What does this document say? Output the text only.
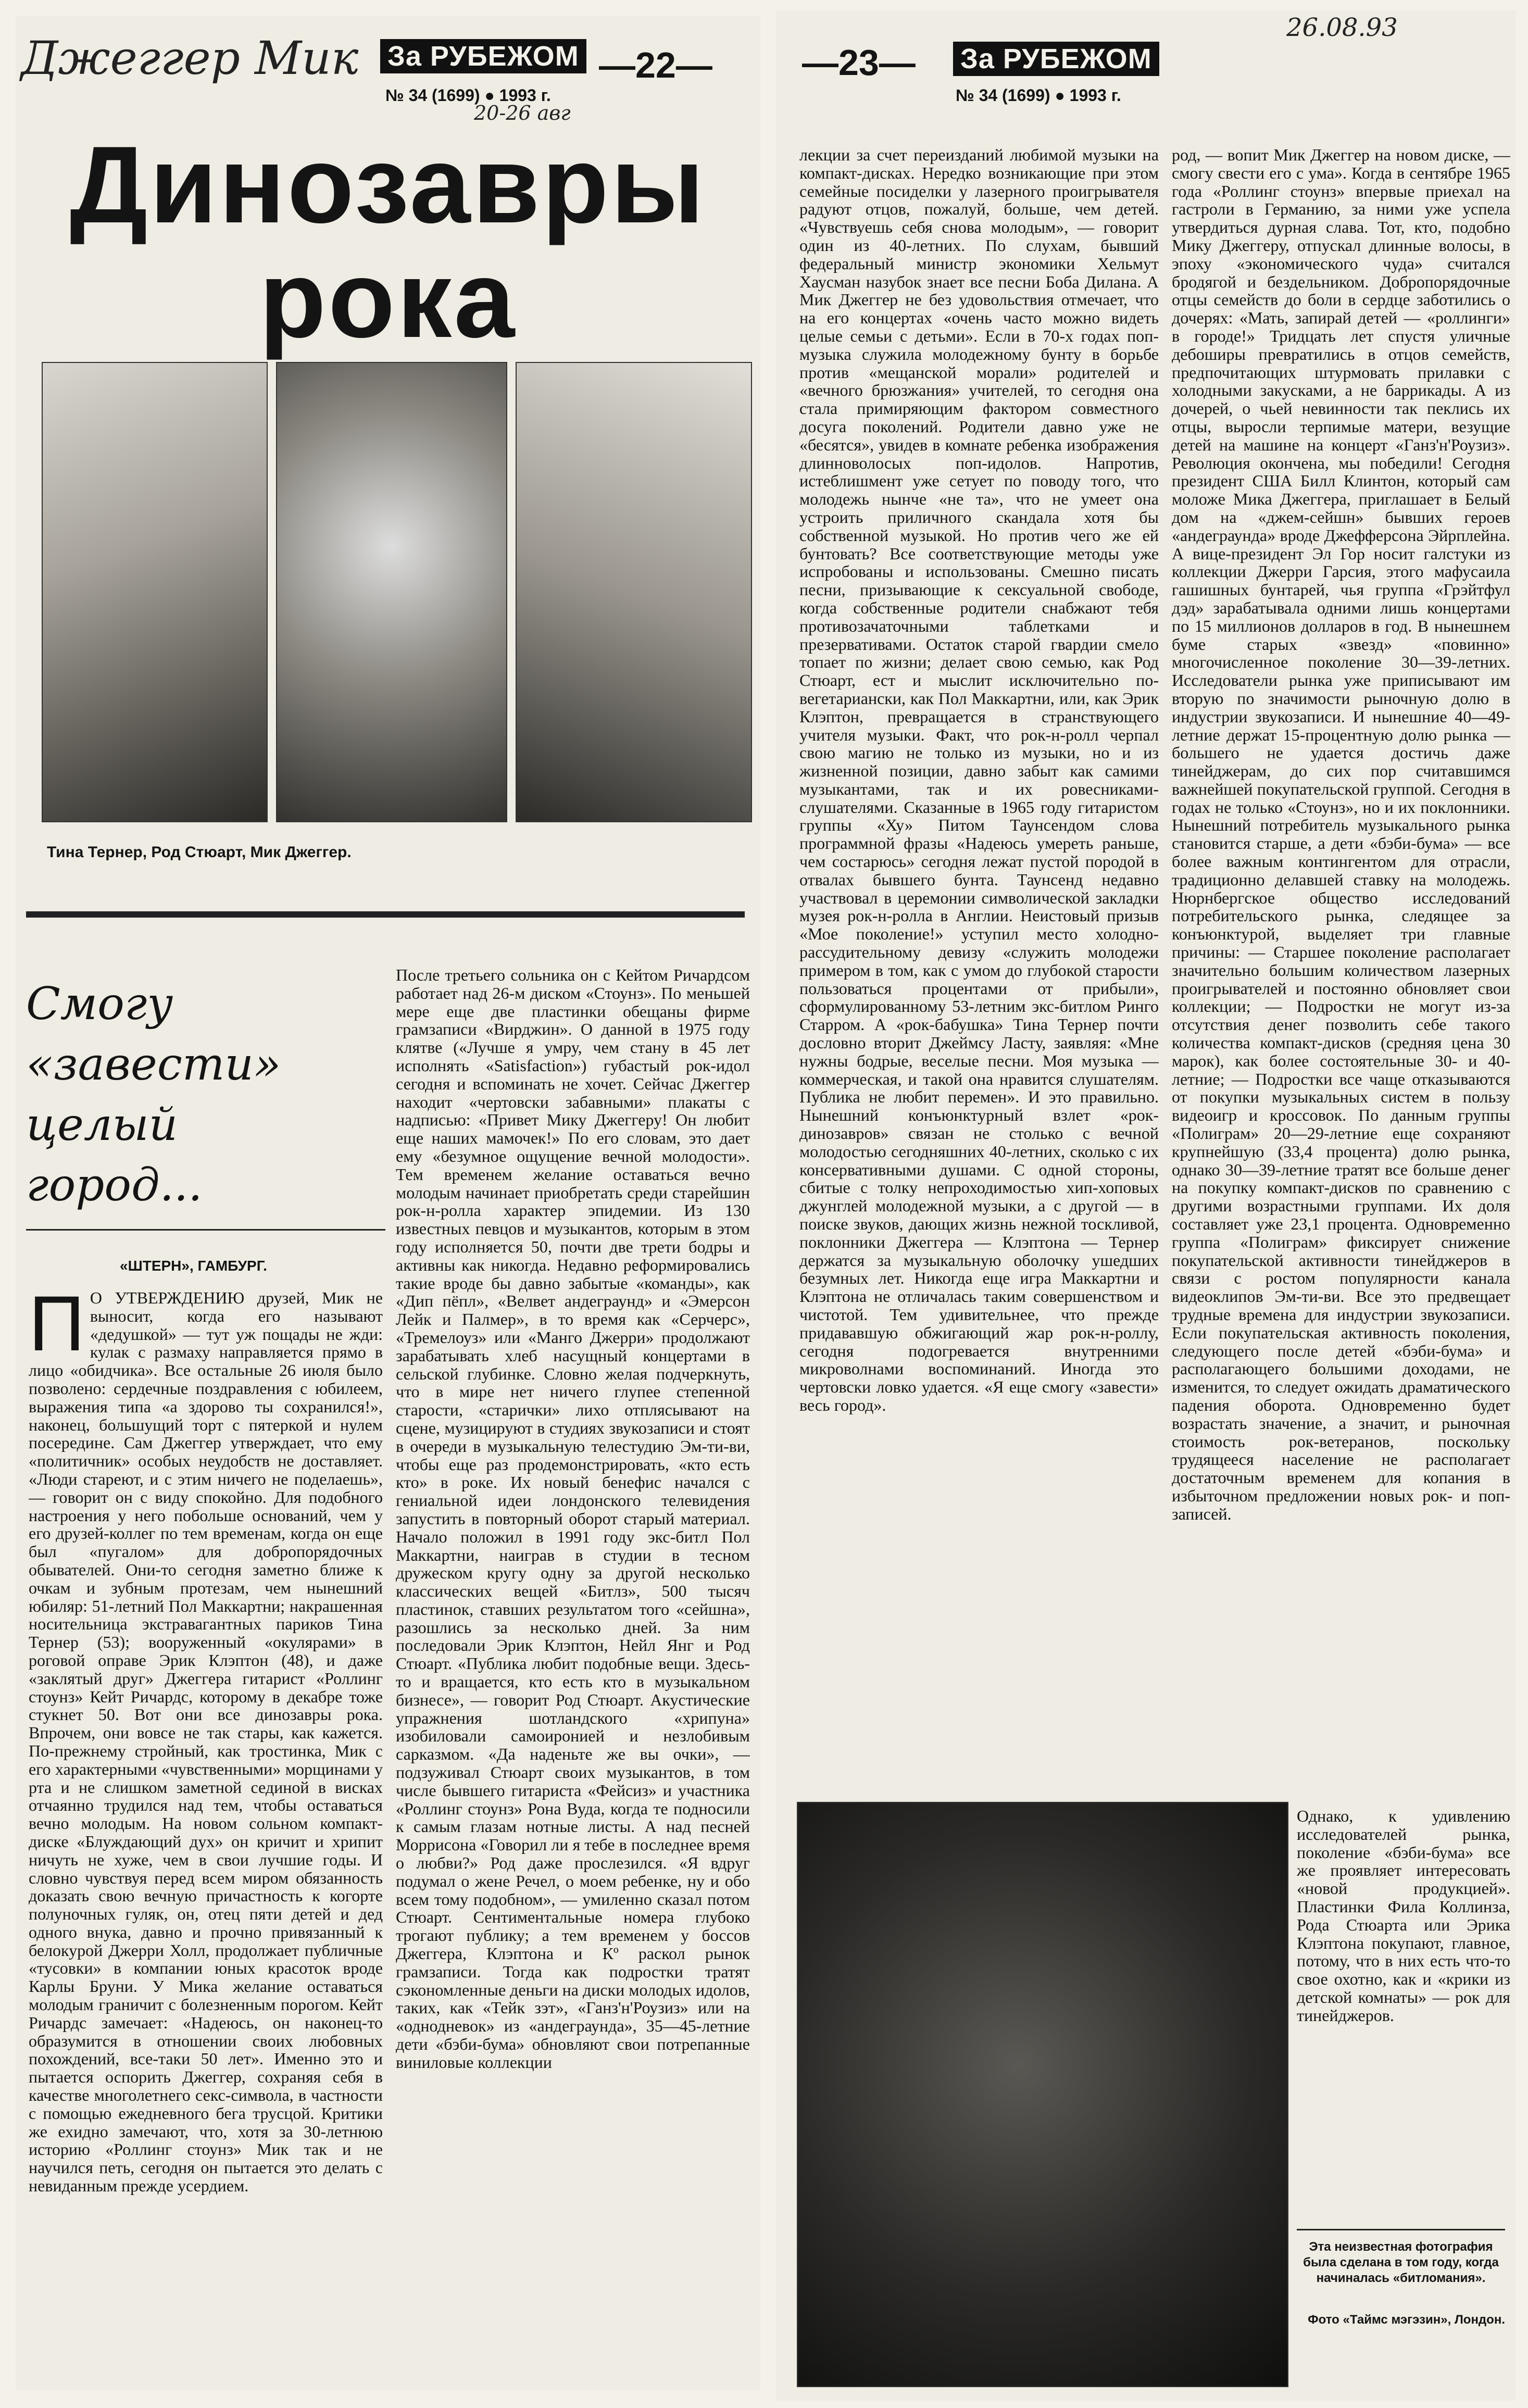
Джеггер Мик За РУБЕЖОМ —22—
№ 34 (1699) ● 1993 г.
20-26 авг
Динозавры
рока
Тина Тернер, Род Стюарт, Мик Джеггер.
Смогу «завести» целый город...
«ШТЕРН», ГАМБУРГ.
П О УТВЕРЖДЕНИЮ друзей, Мик не выносит, когда его называют «дедушкой» — тут уж пощады не жди: кулак с размаху направляется прямо в лицо «обидчика». Все остальные 26 июля было позволено: сердечные поздравления с юбилеем, выражения типа «а здорово ты сохранился!», наконец, большущий торт с пятеркой и нулем посередине. Сам Джеггер утверждает, что ему «политичник» особых неудобств не доставляет. «Люди стареют, и с этим ничего не поделаешь», — говорит он с виду спокойно. Для подобного настроения у него побольше оснований, чем у его друзей-коллег по тем временам, когда он еще был «пугалом» для добропорядочных обывателей. Они-то сегодня заметно ближе к очкам и зубным протезам, чем нынешний юбиляр: 51-летний Пол Маккартни; накрашенная носительница экстравагантных париков Тина Тернер (53); вооруженный «окулярами» в роговой оправе Эрик Клэптон (48), и даже «заклятый друг» Джеггера гитарист «Роллинг стоунз» Кейт Ричардс, которому в декабре тоже стукнет 50. Вот они все динозавры рока. Впрочем, они вовсе не так стары, как кажется. По-прежнему стройный, как тростинка, Мик с его характерными «чувственными» морщинами у рта и не слишком заметной сединой в висках отчаянно трудился над тем, чтобы оставаться вечно молодым. На новом сольном компакт-диске «Блуждающий дух» он кричит и хрипит ничуть не хуже, чем в свои лучшие годы. И словно чувствуя перед всем миром обязанность доказать свою вечную причастность к когорте полуночных гуляк, он, отец пяти детей и дед одного внука, давно и прочно привязанный к белокурой Джерри Холл, продолжает публичные «тусовки» в компании юных красоток вроде Карлы Бруни. У Мика желание оставаться молодым граничит с болезненным порогом. Кейт Ричардс замечает: «Надеюсь, он наконец-то образумится в отношении своих любовных похождений, все-таки 50 лет». Именно это и пытается оспорить Джеггер, сохраняя себя в качестве многолетнего секс-символа, в частности с помощью ежедневного бега трусцой. Критики же ехидно замечают, что, хотя за 30-летнюю историю «Роллинг стоунз» Мик так и не научился петь, сегодня он пытается это делать с невиданным прежде усердием.
После третьего сольника он с Кейтом Ричардсом работает над 26-м диском «Стоунз». По меньшей мере еще две пластинки обещаны фирме грамзаписи «Вирджин». О данной в 1975 году клятве («Лучше я умру, чем стану в 45 лет исполнять «Satisfaction») губастый рок-идол сегодня и вспоминать не хочет. Сейчас Джеггер находит «чертовски забавными» плакаты с надписью: «Привет Мику Джеггеру! Он любит еще наших мамочек!» По его словам, это дает ему «безумное ощущение вечной молодости». Тем временем желание оставаться вечно молодым начинает приобретать среди старейшин рок-н-ролла характер эпидемии. Из 130 известных певцов и музыкантов, которым в этом году исполняется 50, почти две трети бодры и активны как никогда. Недавно реформировались такие вроде бы давно забытые «команды», как «Дип пёпл», «Велвет андеграунд» и «Эмерсон Лейк и Палмер», в то время как «Серчерс», «Тремелоуз» или «Манго Джерри» продолжают зарабатывать хлеб насущный концертами в сельской глубинке. Словно желая подчеркнуть, что в мире нет ничего глупее степенной старости, «старички» лихо отплясывают на сцене, музицируют в студиях звукозаписи и стоят в очереди в музыкальную телестудию Эм-ти-ви, чтобы еще раз продемонстрировать, «кто есть кто» в роке. Их новый бенефис начался с гениальной идеи лондонского телевидения запустить в повторный оборот старый материал. Начало положил в 1991 году экс-битл Пол Маккартни, наиграв в студии в тесном дружеском кругу одну за другой несколько классических вещей «Битлз», 500 тысяч пластинок, ставших результатом того «сейшна», разошлись за несколько дней. За ним последовали Эрик Клэптон, Нейл Янг и Род Стюарт. «Публика любит подобные вещи. Здесь-то и вращается, кто есть кто в музыкальном бизнесе», — говорит Род Стюарт. Акустические упражнения шотландского «хрипуна» изобиловали самоиронией и незлобивым сарказмом. «Да наденьте же вы очки», — подзуживал Стюарт своих музыкантов, в том числе бывшего гитариста «Фейсиз» и участника «Роллинг стоунз» Рона Вуда, когда те подносили к самым глазам нотные листы. А над песней Моррисона «Говорил ли я тебе в последнее время о любви?» Род даже прослезился. «Я вдруг подумал о жене Речел, о моем ребенке, ну и обо всем тому подобном», — умиленно сказал потом Стюарт. Сентиментальные номера глубоко трогают публику; а тем временем у боссов Джеггера, Клэптона и Кº раскол рынок грамзаписи. Тогда как подростки тратят сэкономленные деньги на диски молодых идолов, таких, как «Тейк зэт», «Ганз'н'Роузиз» или на «однодневок» из «андеграунда», 35—45-летние дети «бэби-бума» обновляют свои потрепанные виниловые коллекции
26.08.93
—23— За РУБЕЖОМ
№ 34 (1699) ● 1993 г.
лекции за счет переизданий любимой музыки на компакт-дисках. Нередко возникающие при этом семейные посиделки у лазерного проигрывателя радуют отцов, пожалуй, больше, чем детей. «Чувствуешь себя снова молодым», — говорит один из 40-летних. По слухам, бывший федеральный министр экономики Хельмут Хаусман назубок знает все песни Боба Дилана. А Мик Джеггер не без удовольствия отмечает, что на его концертах «очень часто можно видеть целые семьи с детьми». Если в 70-х годах поп-музыка служила молодежному бунту в борьбе против «мещанской морали» родителей и «вечного брюзжания» учителей, то сегодня она стала примиряющим фактором совместного досуга поколений. Родители давно уже не «бесятся», увидев в комнате ребенка изображения длинноволосых поп-идолов. Напротив, истеблишмент уже сетует по поводу того, что молодежь нынче «не та», что не умеет она устроить приличного скандала хотя бы собственной музыкой. Но против чего же ей бунтовать? Все соответствующие методы уже испробованы и использованы. Смешно писать песни, призывающие к сексуальной свободе, когда собственные родители снабжают тебя противозачаточными таблетками и презервативами. Остаток старой гвардии смело топает по жизни; делает свою семью, как Род Стюарт, ест и мыслит исключительно по-вегетариански, как Пол Маккартни, или, как Эрик Клэптон, превращается в странствующего учителя музыки. Факт, что рок-н-ролл черпал свою магию не только из музыки, но и из жизненной позиции, давно забыт как самими музыкантами, так и их ровесниками-слушателями. Сказанные в 1965 году гитаристом группы «Ху» Питом Таунсендом слова программной фразы «Надеюсь умереть раньше, чем состарюсь» сегодня лежат пустой породой в отвалах бывшего бунта. Таунсенд недавно участвовал в церемонии символической закладки музея рок-н-ролла в Англии. Неистовый призыв «Мое поколение!» уступил место холодно-рассудительному девизу «служить молодежи примером в том, как с умом до глубокой старости пользоваться процентами от прибыли», сформулированному 53-летним экс-битлом Ринго Старром. А «рок-бабушка» Тина Тернер почти дословно вторит Джеймсу Ласту, заявляя: «Мне нужны бодрые, веселые песни. Моя музыка — коммерческая, и такой она нравится слушателям. Публика не любит перемен». И это правильно. Нынешний конъюнктурный взлет «рок-динозавров» связан не столько с вечной молодостью сегодняшних 40-летних, сколько с их консервативными душами. С одной стороны, сбитые с толку непроходимостью хип-хоповых джунглей молодежной музыки, а с другой — в поиске звуков, дающих жизнь нежной тоскливой, поклонники Джеггера — Клэптона — Тернер держатся за музыкальную оболочку ушедших безумных лет. Никогда еще игра Маккартни и Клэптона не отличалась таким совершенством и чистотой. Тем удивительнее, что прежде придававшую обжигающий жар рок-н-роллу, сегодня подогревается внутренними микроволнами воспоминаний. Иногда это чертовски ловко удается. «Я еще смогу «завести» весь город».
род, — вопит Мик Джеггер на новом диске, — смогу свести его с ума». Когда в сентябре 1965 года «Роллинг стоунз» впервые приехал на гастроли в Германию, за ними уже успела утвердиться дурная слава. Тот, кто, подобно Мику Джеггеру, отпускал длинные волосы, в эпоху «экономического чуда» считался бродягой и бездельником. Добропорядочные отцы семейств до боли в сердце заботились о дочерях: «Мать, запирай детей — «роллинги» в городе!» Тридцать лет спустя уличные дебоширы превратились в отцов семейств, предпочитающих штурмовать прилавки с холодными закусками, а не баррикады. А из дочерей, о чьей невинности так пеклись их отцы, выросли терпимые матери, везущие детей на машине на концерт «Ганз'н'Роузиз». Революция окончена, мы победили! Сегодня президент США Билл Клинтон, который сам моложе Мика Джеггера, приглашает в Белый дом на «джем-сейшн» бывших героев «андеграунда» вроде Джефферсона Эйрплейна. А вице-президент Эл Гор носит галстуки из коллекции Джерри Гарсия, этого мафусаила гашишных бунтарей, чья группа «Грэйтфул дэд» зарабатывала одними лишь концертами по 15 миллионов долларов в год. В нынешнем буме старых «звезд» «повинно» многочисленное поколение 30—39-летних. Исследователи рынка уже приписывают им вторую по значимости рыночную долю в индустрии звукозаписи. И нынешние 40—49-летние держат 15-процентную долю рынка — большего не удается достичь даже тинейджерам, до сих пор считавшимся важнейшей покупательской группой. Сегодня в годах не только «Стоунз», но и их поклонники. Нынешний потребитель музыкального рынка становится старше, а дети «бэби-бума» — все более важным контингентом для отрасли, традиционно делавшей ставку на молодежь. Нюрнбергское общество исследований потребительского рынка, следящее за конъюнктурой, выделяет три главные причины: — Старшее поколение располагает значительно большим количеством лазерных проигрывателей и постоянно обновляет свои коллекции; — Подростки не могут из-за отсутствия денег позволить себе такого количества компакт-дисков (средняя цена 30 марок), как более состоятельные 30- и 40-летние; — Подростки все чаще отказываются от покупки музыкальных систем в пользу видеоигр и кроссовок. По данным группы «Полиграм» 20—29-летние еще сохраняют крупнейшую (33,4 процента) долю рынка, однако 30—39-летние тратят все больше денег на покупку компакт-дисков по сравнению с другими возрастными группами. Их доля составляет уже 23,1 процента. Одновременно группа «Полиграм» фиксирует снижение покупательской активности тинейджеров в связи с ростом популярности канала видеоклипов Эм-ти-ви. Все это предвещает трудные времена для индустрии звукозаписи. Если покупательская активность поколения, следующего после детей «бэби-бума» и располагающего большими доходами, не изменится, то следует ожидать драматического падения оборота. Одновременно будет возрастать значение, а значит, и рыночная стоимость рок-ветеранов, поскольку трудящееся население не располагает достаточным временем для копания в избыточном предложении новых рок- и поп-записей.
Однако, к удивлению исследователей рынка, поколение «бэби-бума» все же проявляет интересовать «новой продукцией». Пластинки Фила Коллинза, Рода Стюарта или Эрика Клэптона покупают, главное, потому, что в них есть что-то свое охотно, как и «крики из детской комнаты» — рок для тинейджеров.
Эта неизвестная фотография была сделана в том году, когда начиналась «битломания».
Фото «Таймс мэгэзин», Лондон.
